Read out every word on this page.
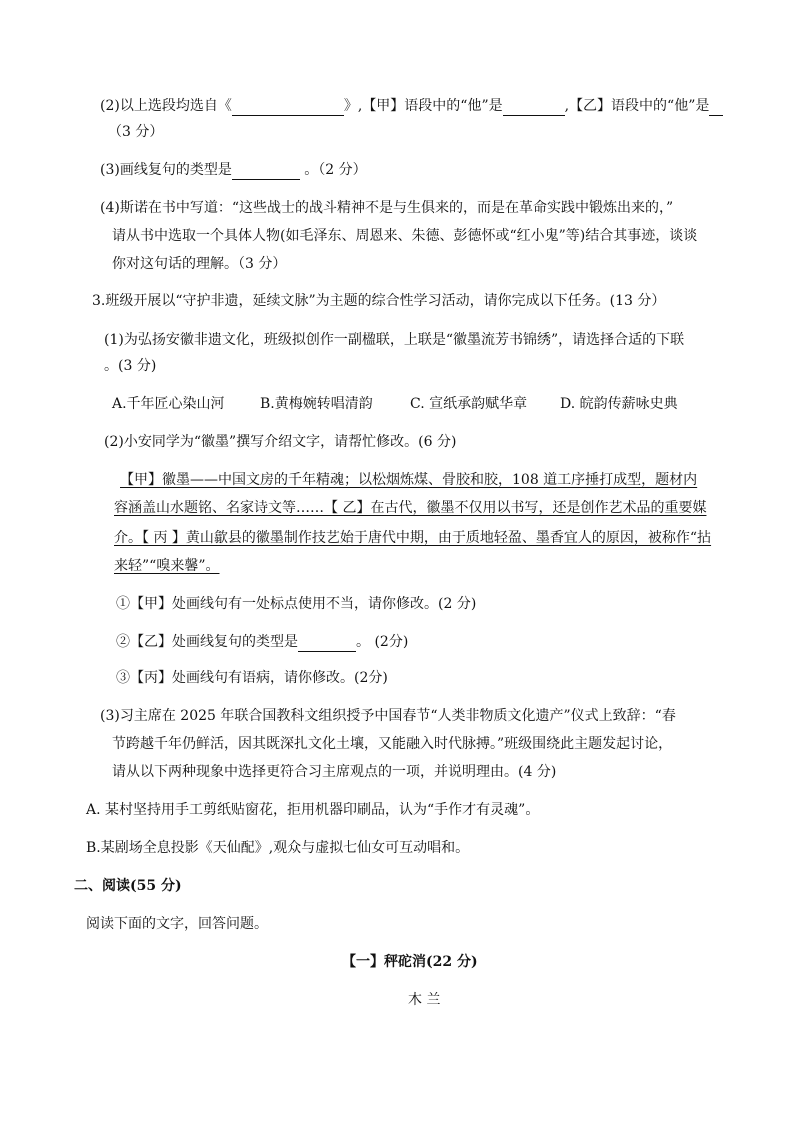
(2)以上选段均选自《	》,【甲】语段中的“他”是	,【乙】语段中的“他”是
（3 分）
(3)画线复句的类型是	。（2 分）
(4)斯诺在书中写道：“这些战士的战斗精神不是与生俱来的，而是在革命实践中锻炼出来的，”
请从书中选取一个具体人物(如毛泽东、周恩来、朱德、彭德怀或“红小鬼”等)结合其事迹，谈谈
你对这句话的理解。（3 分）
3.班级开展以“守护非遗，延续文脉”为主题的综合性学习活动，请你完成以下任务。(13 分）
(1)为弘扬安徽非遗文化，班级拟创作一副楹联，上联是“徽墨流芳书锦绣”，请选择合适的下联
。(3 分)
A.千年匠心染山河	B.黄梅婉转唱清韵	C. 宣纸承韵赋华章 D. 皖韵传薪咏史典
(2)小安同学为“徽墨”撰写介绍文字，请帮忙修改。(6 分)
【甲】徽墨——中国文房的千年精魂；以松烟炼煤、骨胶和胶，108 道工序捶打成型，题材内
容涵盖山水题铭、名家诗文等……【 乙】在古代，徽墨不仅用以书写，还是创作艺术品的重要媒
介。【 丙 】黄山歙县的徽墨制作技艺始于唐代中期，由于质地轻盈、墨香宜人的原因，被称作“拈
来轻”“嗅来馨”。
①【甲】处画线句有一处标点使用不当，请你修改。(2 分)
②【乙】处画线复句的类型是	。 (2分)
③【丙】处画线句有语病，请你修改。(2分)
(3)习主席在 2025 年联合国教科文组织授予中国春节“人类非物质文化遗产”仪式上致辞：“春
节跨越千年仍鲜活，因其既深扎文化土壤，又能融入时代脉搏。”班级围绕此主题发起讨论，
请从以下两种现象中选择更符合习主席观点的一项，并说明理由。(4 分)
A. 某村坚持用手工剪纸贴窗花，拒用机器印刷品，认为“手作才有灵魂”。
B.某剧场全息投影《天仙配》,观众与虚拟七仙女可互动唱和。
二、阅读(55 分)
阅读下面的文字，回答问题。
【一】秤砣消(22 分)
木 兰
